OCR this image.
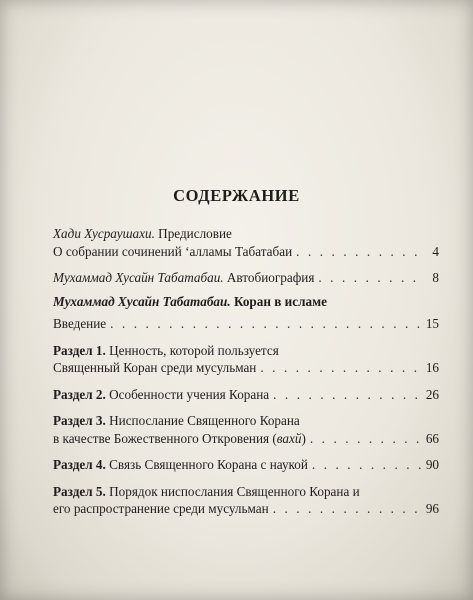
СОДЕРЖАНИЕ
Хади Хусраушахи. Предисловие
О собрании сочинений ‘алламы Табатабаи . . .	4
Мухаммад Хусайн Табатабаи. Автобиография . . .	8
Мухаммад Хусайн Табатабаи. Коран в исламе
Введение . . .	15
Раздел 1. Ценность, которой пользуется
Священный Коран среди мусульман . . .	16
Раздел 2. Особенности учения Корана . . .	26
Раздел 3. Ниспослание Священного Корана
в качестве Божественного Откровения (вахй) . . .	66
Раздел 4. Связь Священного Корана с наукой . . .	90
Раздел 5. Порядок ниспослания Священного Корана и
его распространение среди мусульман . . .	96
